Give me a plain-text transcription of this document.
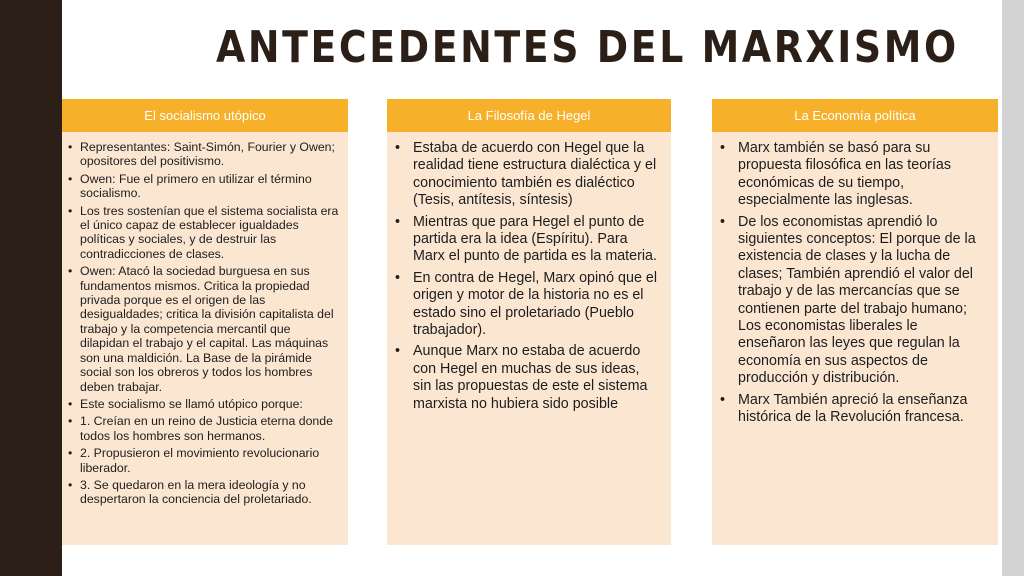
ANTECEDENTES DEL MARXISMO
El socialismo utópico
• Representantes: Saint-Simón, Fourier y Owen; opositores del positivismo.
• Owen: Fue el primero en utilizar el término socialismo.
• Los tres sostenían que el sistema socialista era el único capaz de establecer igualdades políticas y sociales, y de destruir las contradicciones de clases.
• Owen: Atacó la sociedad burguesa en sus fundamentos mismos. Critica la propiedad privada porque es el origen de las desigualdades; critica la división capitalista del trabajo y la competencia mercantil que dilapidan el trabajo y el capital. Las máquinas son una maldición. La Base de la pirámide social son los obreros y todos los hombres deben trabajar.
• Este socialismo se llamó utópico porque:
• 1. Creían en un reino de Justicia eterna donde todos los hombres son hermanos.
• 2. Propusieron el movimiento revolucionario liberador.
• 3. Se quedaron en la mera ideología y no despertaron la conciencia del proletariado.
La Filosofía de Hegel
• Estaba de acuerdo con Hegel que la realidad tiene estructura dialéctica y el conocimiento también es dialéctico (Tesis, antítesis, síntesis)
• Mientras que para Hegel el punto de partida era la idea (Espíritu). Para Marx el punto de partida es la materia.
• En contra de Hegel, Marx opinó que el origen y motor de la historia no es el estado sino el proletariado (Pueblo trabajador).
• Aunque Marx no estaba de acuerdo con Hegel en muchas de sus ideas, sin las propuestas de este el sistema marxista no hubiera sido posible
La Economía política
• Marx también se basó para su propuesta filosófica en las teorías económicas de su tiempo, especialmente las inglesas.
• De los economistas aprendió lo siguientes conceptos: El porque de la existencia de clases y la lucha de clases; También aprendió el valor del trabajo y de las mercancías que se contienen parte del trabajo humano; Los economistas liberales le enseñaron las leyes que regulan la economía en sus aspectos de producción y distribución.
• Marx También apreció la enseñanza histórica de la Revolución francesa.
